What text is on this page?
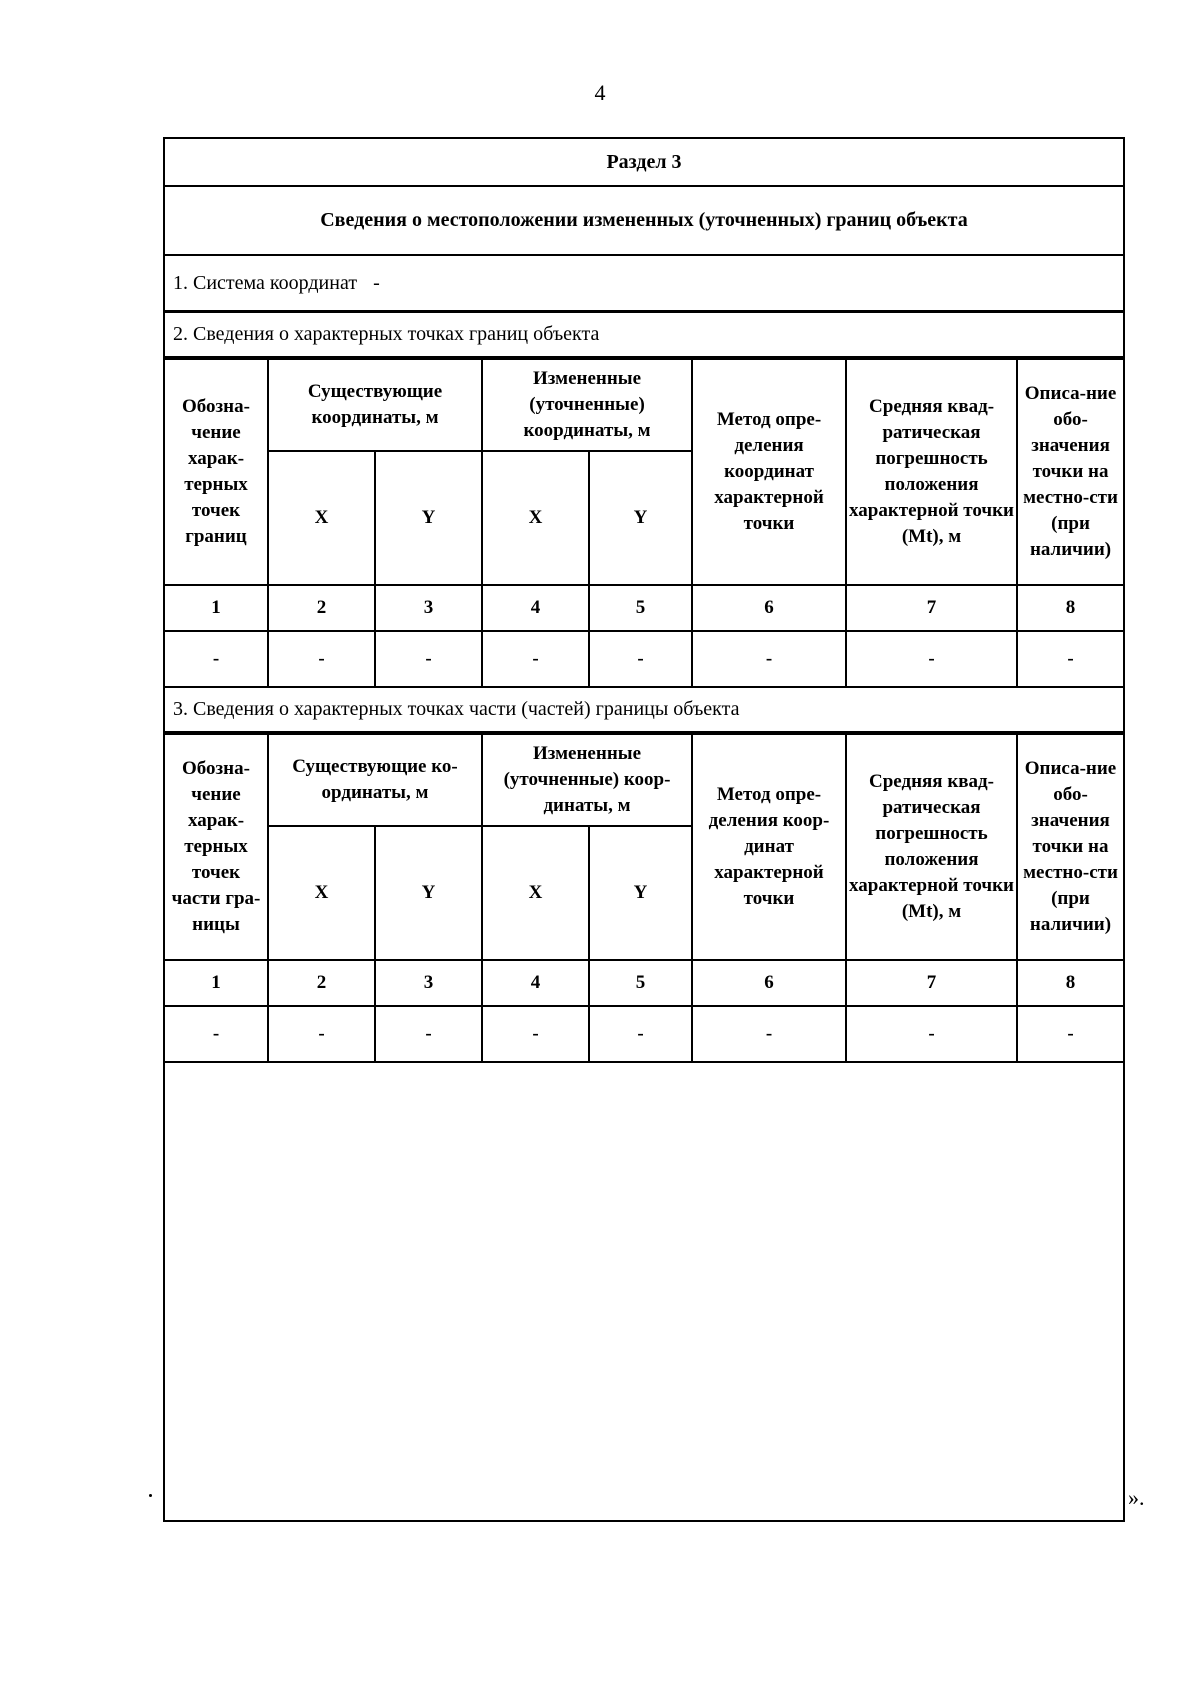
4
Раздел 3
Сведения о местоположении измененных (уточненных) границ объекта
1. Система координат -
2. Сведения о характерных точках границ объекта
Обозна-чение харак-терных точек границ	Существующие координаты, м		Измененные (уточненные) координаты, м		Метод опре-деления координат характерной точки	Средняя квад-ратическая погрешность положения характерной точки (Mt), м	Описа-ние обо-значения точки на местно-сти (при наличии)
	X	Y	X	Y			
1	2	3	4	5	6	7	8
-	-	-	-	-	-	-	-
3. Сведения о характерных точках части (частей) границы объекта
Обозна-чение харак-терных точек части гра-ницы	Существующие ко-ординаты, м		Измененные (уточненные) коор-динаты, м		Метод опре-деления коор-динат характерной точки	Средняя квад-ратическая погрешность положения характерной точки (Mt), м	Описа-ние обо-значения точки на местно-сти (при наличии)
	X	Y	X	Y			
1	2	3	4	5	6	7	8
-	-	-	-	-	-	-	-
».
